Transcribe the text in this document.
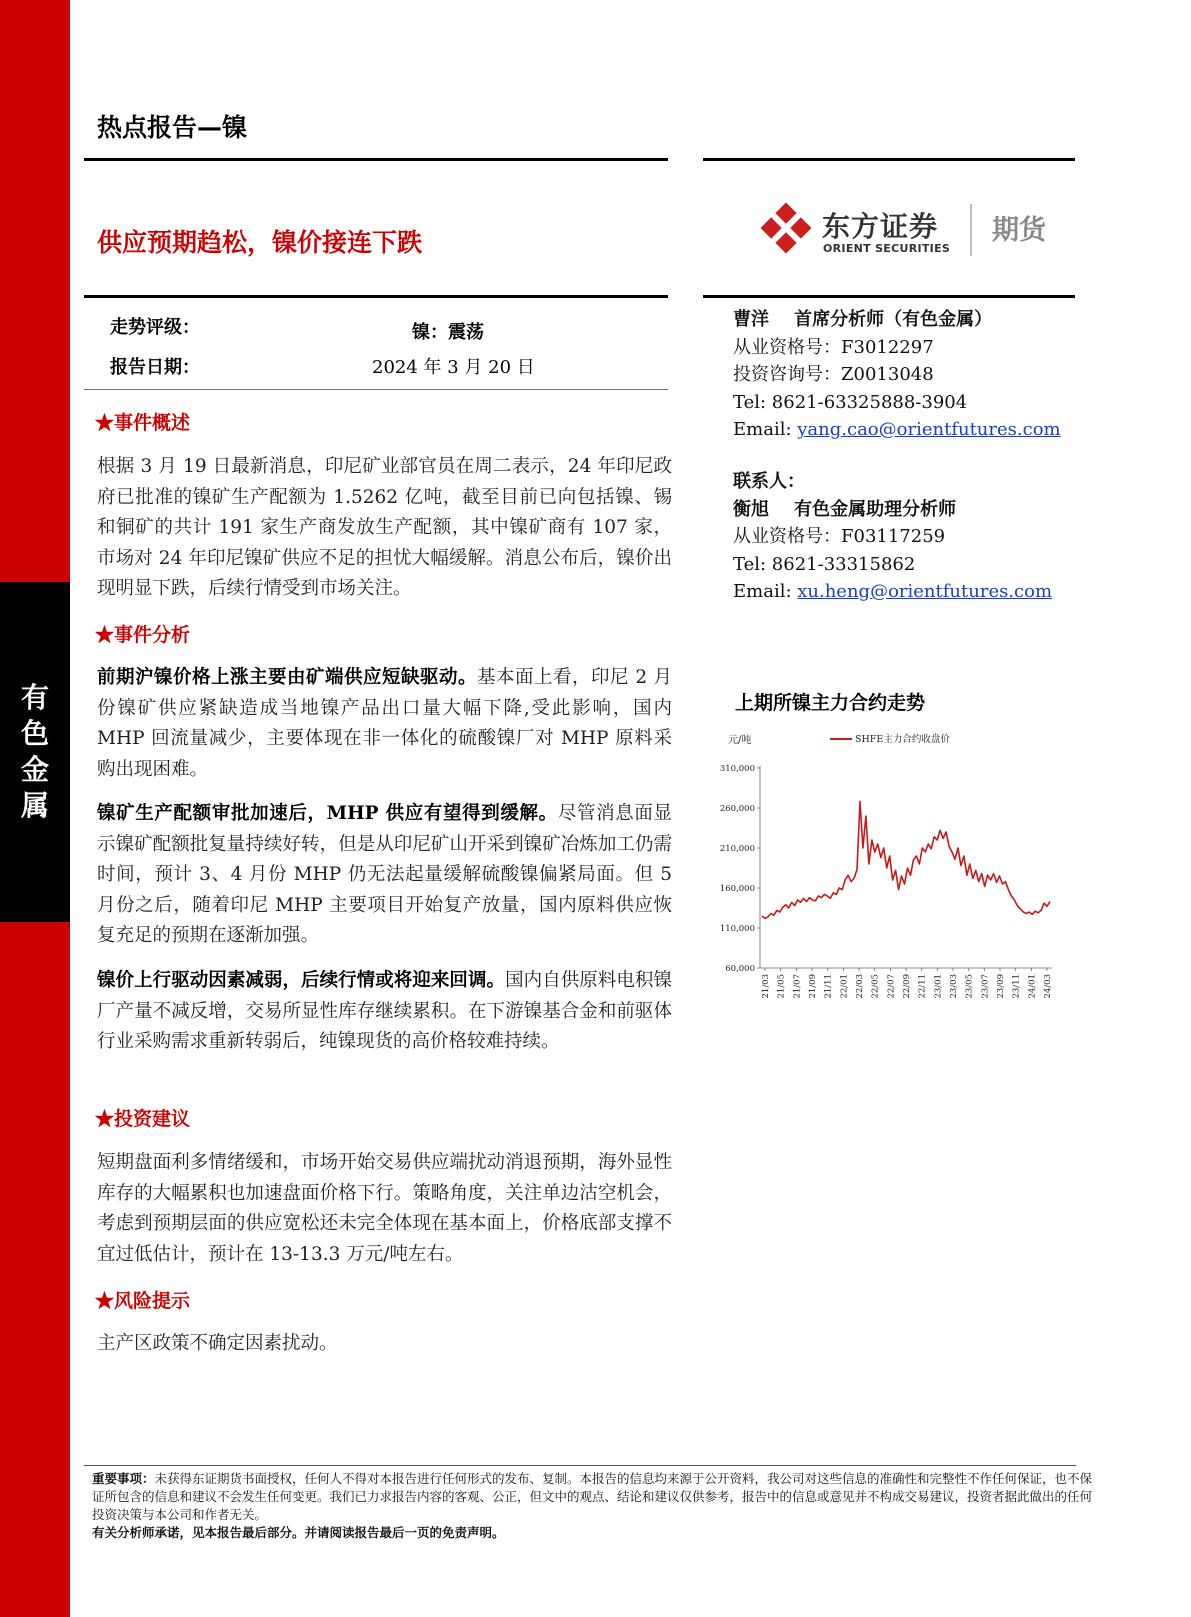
有
色
金
属
热点报告—镍
供应预期趋松，镍价接连下跌	东方证券
ORIENT SECURITIES
期货
走势评级：	镍：震荡
报告日期：	2024 年 3 月 20 日
★事件概述
根据 3 月 19 日最新消息，印尼矿业部官员在周二表示，24 年印尼政府已批准的镍矿生产配额为 1.5262 亿吨，截至目前已向包括镍、锡和铜矿的共计 191 家生产商发放生产配额，其中镍矿商有 107 家，市场对 24 年印尼镍矿供应不足的担忧大幅缓解。消息公布后，镍价出现明显下跌，后续行情受到市场关注。
★事件分析
前期沪镍价格上涨主要由矿端供应短缺驱动。基本面上看，印尼 2 月份镍矿供应紧缺造成当地镍产品出口量大幅下降,受此影响，国内 MHP 回流量减少，主要体现在非一体化的硫酸镍厂对 MHP 原料采购出现困难。
镍矿生产配额审批加速后，MHP 供应有望得到缓解。尽管消息面显示镍矿配额批复量持续好转，但是从印尼矿山开采到镍矿冶炼加工仍需时间，预计 3、4 月份 MHP 仍无法起量缓解硫酸镍偏紧局面。但 5 月份之后，随着印尼 MHP 主要项目开始复产放量，国内原料供应恢复充足的预期在逐渐加强。
镍价上行驱动因素减弱，后续行情或将迎来回调。国内自供原料电积镍厂产量不减反增，交易所显性库存继续累积。在下游镍基合金和前驱体行业采购需求重新转弱后，纯镍现货的高价格较难持续。
★投资建议
短期盘面利多情绪缓和，市场开始交易供应端扰动消退预期，海外显性库存的大幅累积也加速盘面价格下行。策略角度，关注单边沽空机会，考虑到预期层面的供应宽松还未完全体现在基本面上，价格底部支撑不宜过低估计，预计在 13-13.3 万元/吨左右。
★风险提示
主产区政策不确定因素扰动。
曹洋    首席分析师（有色金属）
从业资格号：F3012297
投资咨询号：Z0013048
Tel: 8621-63325888-3904
Email: yang.cao@orientfutures.com
联系人：
衡旭    有色金属助理分析师
从业资格号：F03117259
Tel: 8621-33315862
Email: xu.heng@orientfutures.com
上期所镍主力合约走势
元/吨	SHFE主力合约收盘价
310,000
260,000
210,000
160,000
110,000
60,000
21/03 21/05 21/07 21/09 21/11 22/01 22/03 22/05 22/07 22/09 22/11 23/01 23/03 23/05 23/07 23/09 23/11 24/01 24/03
重要事项：未获得东证期货书面授权，任何人不得对本报告进行任何形式的发布、复制。本报告的信息均来源于公开资料，我公司对这些信息的准确性和完整性不作任何保证，也不保证所包含的信息和建议不会发生任何变更。我们已力求报告内容的客观、公正，但文中的观点、结论和建议仅供参考，报告中的信息或意见并不构成交易建议，投资者据此做出的任何投资决策与本公司和作者无关。
有关分析师承诺，见本报告最后部分。并请阅读报告最后一页的免责声明。
